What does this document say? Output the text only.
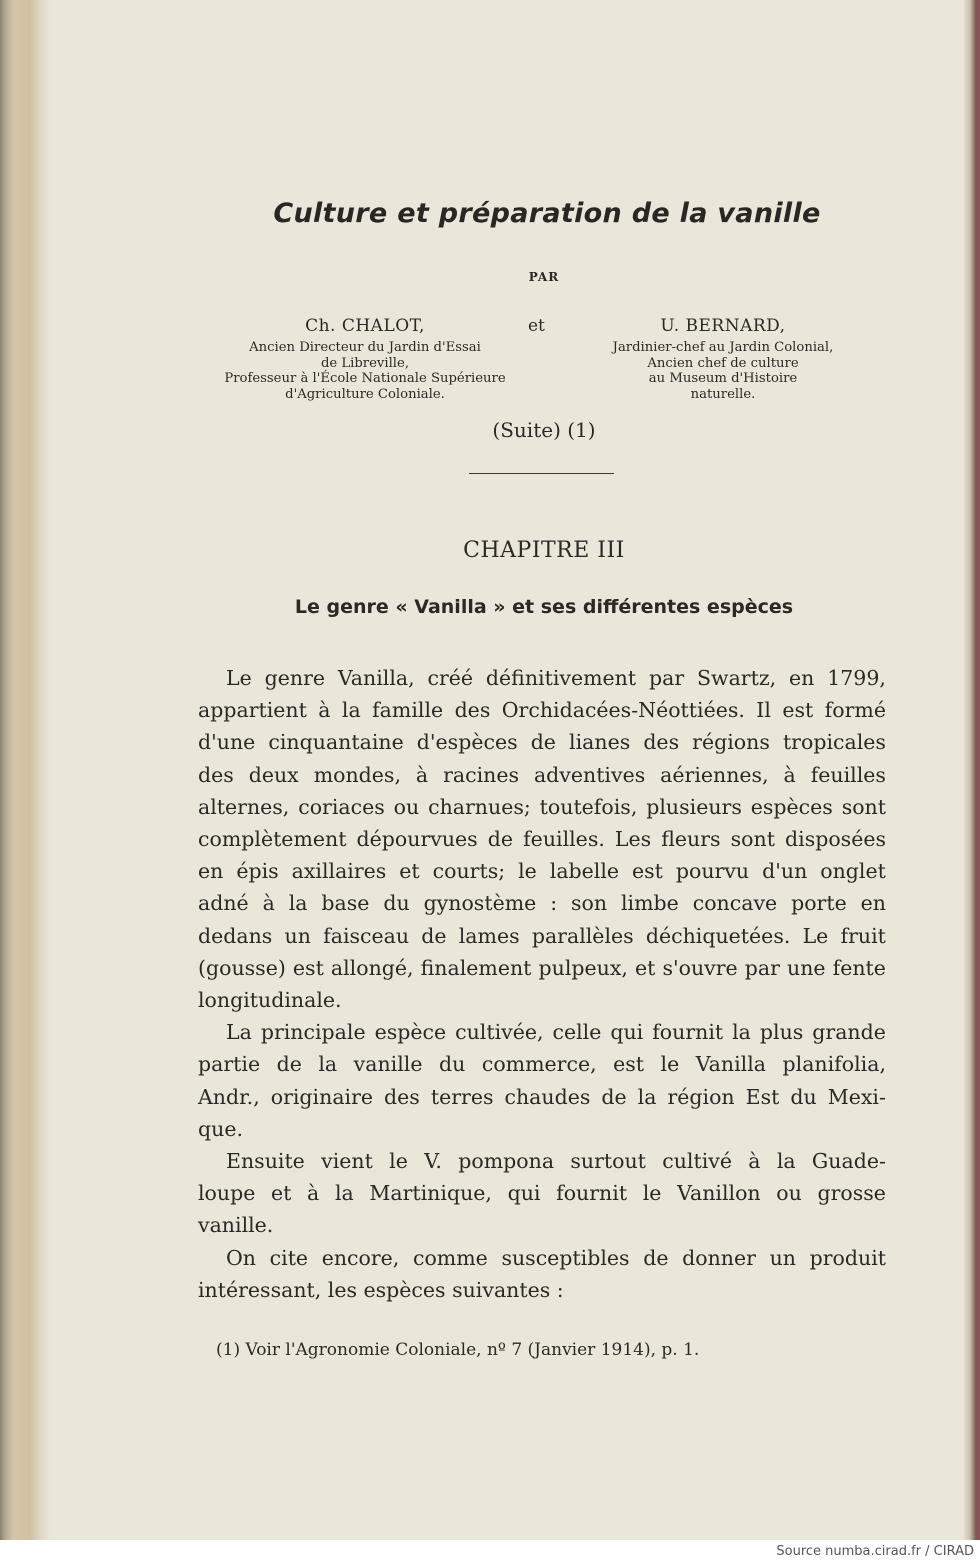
Culture et préparation de la vanille
PAR
Ch. CHALOT,
Ancien Directeur du Jardin d'Essai
de Libreville,
Professeur à l'École Nationale Supérieure
d'Agriculture Coloniale.
et	U. BERNARD,
Jardinier-chef au Jardin Colonial,
Ancien chef de culture
au Museum d'Histoire
naturelle.
(Suite) (1)
CHAPITRE III
Le genre « Vanilla » et ses différentes espèces
Le genre Vanilla, créé définitivement par Swartz, en 1799,
appartient à la famille des Orchidacées-Néottiées. Il est formé
d'une cinquantaine d'espèces de lianes des régions tropicales
des deux mondes, à racines adventives aériennes, à feuilles
alternes, coriaces ou charnues; toutefois, plusieurs espèces sont
complètement dépourvues de feuilles. Les fleurs sont disposées
en épis axillaires et courts; le labelle est pourvu d'un onglet
adné à la base du gynostème : son limbe concave porte en
dedans un faisceau de lames parallèles déchiquetées. Le fruit
(gousse) est allongé, finalement pulpeux, et s'ouvre par une fente
longitudinale.
La principale espèce cultivée, celle qui fournit la plus grande
partie de la vanille du commerce, est le Vanilla planifolia,
Andr., originaire des terres chaudes de la région Est du Mexi-
que.
Ensuite vient le V. pompona surtout cultivé à la Guade-
loupe et à la Martinique, qui fournit le Vanillon ou grosse
vanille.
On cite encore, comme susceptibles de donner un produit
intéressant, les espèces suivantes :
(1) Voir l'Agronomie Coloniale, nº 7 (Janvier 1914), p. 1.
Source numba.cirad.fr / CIRAD
